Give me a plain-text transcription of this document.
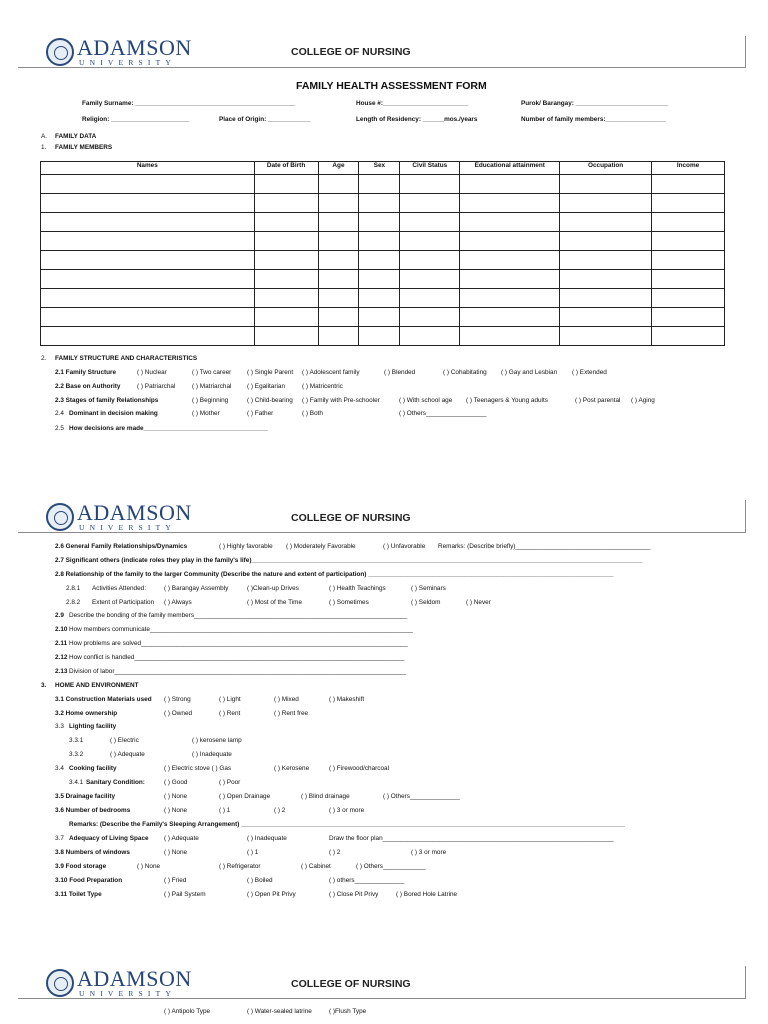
ADAMSON
UNIVERSITY
COLLEGE OF NURSING
FAMILY HEALTH ASSESSMENT FORM
Family Surname: _____________________________________________	House #:________________________	Purok/ Barangay: __________________________
Religion: ______________________	Place of Origin: ____________	Length of Residency: ______mos./years	Number of family members:_________________
A. FAMILY DATA
1. FAMILY MEMBERS
Names	Date of Birth	Age	Sex	Civil Status	Educational attainment	Occupation	Income

2. FAMILY STRUCTURE AND CHARACTERISTICS
2.1 Family Structure	( ) Nuclear	( ) Two career ( ) Single Parent ( ) Adolescent family	( ) Blended	( ) Cohabitating ( ) Gay and Lesbian ( ) Extended
2.2 Base on Authority	( ) Patriarchal	( ) Matriarchal ( ) Egalitarian	( ) Matricentric
2.3 Stages of family Relationships	( ) Beginning	( ) Child-bearing ( ) Family with Pre-schooler	( ) With school age ( ) Teenagers & Young adults	( ) Post parental ( ) Aging
2.4 Dominant in decision making	( ) Mother	( ) Father	( ) Both	( ) Others_________________
2.5 How decisions are made___________________________________
ADAMSON
UNIVERSITY
COLLEGE OF NURSING
2.6 General Family Relationships/Dynamics	( ) Highly favorable ( ) Moderately Favorable	( ) Unfavorable Remarks: (Describe briefly)______________________________________
2.7 Significant others (indicate roles they play in the family's life)______________________________________________________________________________________________________________
2.8 Relationship of the family to the larger Community (Describe the nature and extent of participation) _____________________________________________________________________
2.8.1 Activities Attended:	( ) Barangay Assembly	( )Clean-up Drives	( ) Health Teachings	( ) Seminars
2.8.2 Extent of Participation ( ) Always	( ) Most of the Time	( ) Sometimes	( ) Seldom	( ) Never
2.9 Describe the bonding of the family members____________________________________________________________
2.10 How members communicate__________________________________________________________________________
2.11 How problems are solved___________________________________________________________________________
2.12 How conflict is handled____________________________________________________________________________
2.13 Division of labor__________________________________________________________________________________
3. HOME AND ENVIRONMENT
3.1 Construction Materials used ( ) Strong	( ) Light	( ) Mixed	( ) Makeshift
3.2 Home ownership	( ) Owned	( ) Rent	( ) Rent free
3.3 Lighting facility
3.3.1	( ) Electric	( ) kerosene lamp
3.3.2	( ) Adequate	( ) Inadequate
3.4 Cooking facility	( ) Electric stove ( ) Gas	( ) Kerosene	( ) Firewood/charcoal
3.4.1 Sanitary Condition:	( ) Good	( ) Poor
3.5 Drainage facility	( ) None	( ) Open Drainage	( ) Blind drainage	( ) Others______________
3.6 Number of bedrooms	( ) None	( ) 1	( ) 2	( ) 3 or more
Remarks: (Describe the Family's Sleeping Arrangement) ____________________________________________________________________________________________________________
3.7 Adequacy of Living Space ( ) Adequate	( ) Inadequate	Draw the floor plan_________________________________________________________________
3.8 Numbers of windows	( ) None	( ) 1	( ) 2	( ) 3 or more
3.9 Food storage	( ) None	( ) Refrigerator	( ) Cabinet	( ) Others____________
3.10 Food Preparation	( ) Fried	( ) Boiled	( ) others______________
3.11 Toilet Type	( ) Pail System	( ) Open Pit Privy	( ) Close Pit Privy	( ) Bored Hole Latrine
ADAMSON
UNIVERSITY
COLLEGE OF NURSING
( ) Antipolo Type	( ) Water-sealed latrine	( )Flush Type
